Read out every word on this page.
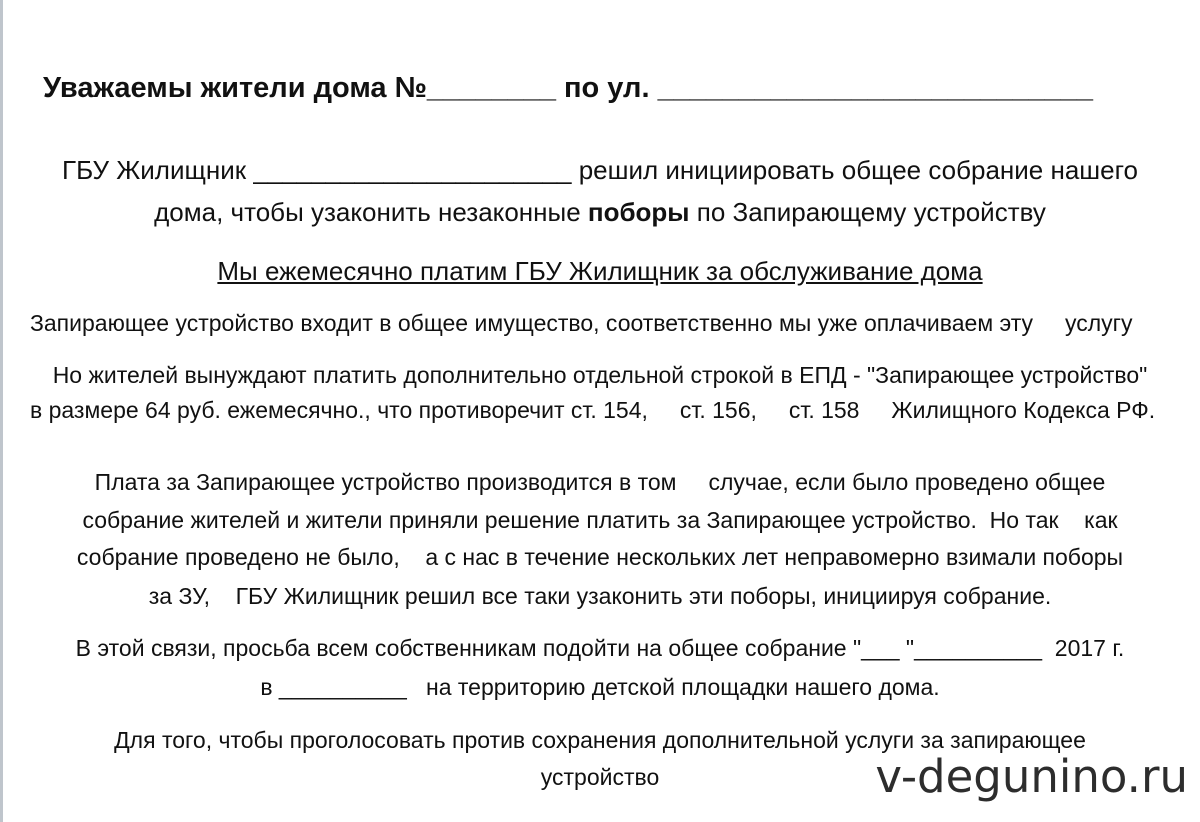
Уважаемы жители дома №________ по ул. ___________________________
ГБУ Жилищник ______________________ решил инициировать общее собрание нашего
дома, чтобы узаконить незаконные поборы по Запирающему устройству
Мы ежемесячно платим ГБУ Жилищник за обслуживание дома
Запирающее устройство входит в общее имущество, соответственно мы уже оплачиваем эту     услугу
Но жителей вынуждают платить дополнительно отдельной строкой в ЕПД - "Запирающее устройство"
в размере 64 руб. ежемесячно., что противоречит ст. 154,     ст. 156,     ст. 158     Жилищного Кодекса РФ.
Плата за Запирающее устройство производится в том     случае, если было проведено общее
собрание жителей и жители приняли решение платить за Запирающее устройство.  Но так    как
собрание проведено не было,    а с нас в течение нескольких лет неправомерно взимали поборы
за ЗУ,    ГБУ Жилищник решил все таки узаконить эти поборы, инициируя собрание.
В этой связи, просьба всем собственникам подойти на общее собрание "___ "__________  2017 г.
в __________   на территорию детской площадки нашего дома.
Для того, чтобы проголосовать против сохранения дополнительной услуги за запирающее
устройство	v-degunino.ru
